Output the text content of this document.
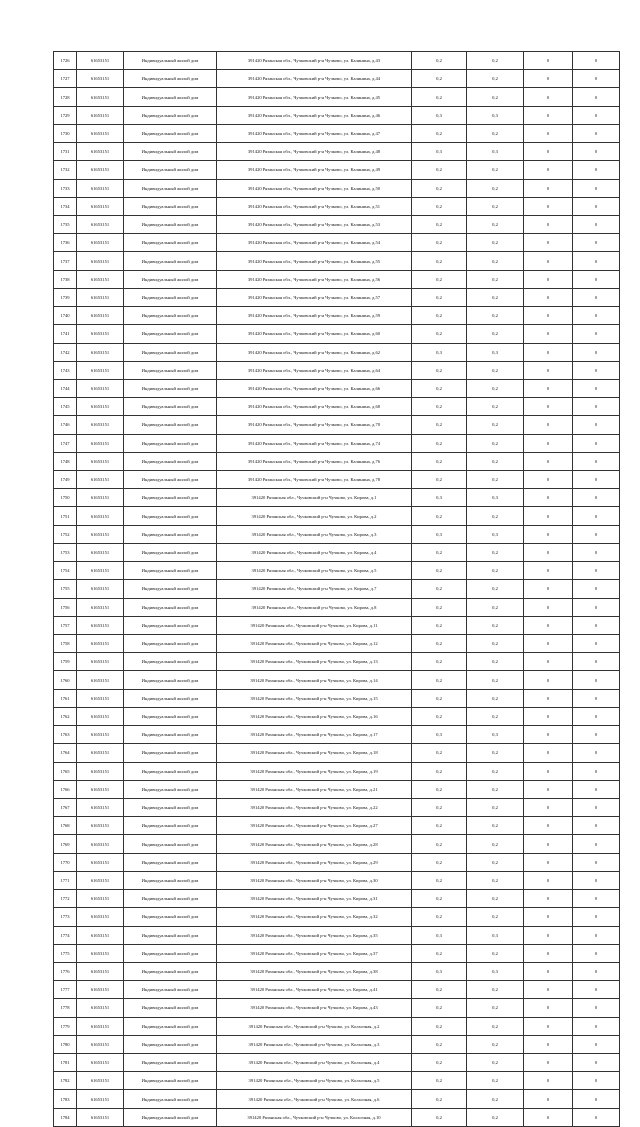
1726	61653151	Индивидуальный жилой дом	391420 Рязанская обл., Чучковский р-н Чучково, ул. Калинина, д.43	0,2	0,2	0	0
1727	61653151	Индивидуальный жилой дом	391420 Рязанская обл., Чучковский р-н Чучково, ул. Калинина, д.44	0,2	0,2	0	0
1728	61653151	Индивидуальный жилой дом	391420 Рязанская обл., Чучковский р-н Чучково, ул. Калинина, д.45	0,2	0,2	0	0
1729	61653151	Индивидуальный жилой дом	391420 Рязанская обл., Чучковский р-н Чучково, ул. Калинина, д.46	0,3	0,3	0	0
1730	61653151	Индивидуальный жилой дом	391420 Рязанская обл., Чучковский р-н Чучково, ул. Калинина, д.47	0,2	0,2	0	0
1731	61653151	Индивидуальный жилой дом	391420 Рязанская обл., Чучковский р-н Чучково, ул. Калинина, д.48	0,3	0,3	0	0
1732	61653151	Индивидуальный жилой дом	391420 Рязанская обл., Чучковский р-н Чучково, ул. Калинина, д.49	0,2	0,2	0	0
1733	61653151	Индивидуальный жилой дом	391420 Рязанская обл., Чучковский р-н Чучково, ул. Калинина, д.50	0,2	0,2	0	0
1734	61653151	Индивидуальный жилой дом	391420 Рязанская обл., Чучковский р-н Чучково, ул. Калинина, д.51	0,2	0,2	0	0
1735	61653151	Индивидуальный жилой дом	391420 Рязанская обл., Чучковский р-н Чучково, ул. Калинина, д.53	0,2	0,2	0	0
1736	61653151	Индивидуальный жилой дом	391420 Рязанская обл., Чучковский р-н Чучково, ул. Калинина, д.54	0,2	0,2	0	0
1737	61653151	Индивидуальный жилой дом	391420 Рязанская обл., Чучковский р-н Чучково, ул. Калинина, д.55	0,2	0,2	0	0
1738	61653151	Индивидуальный жилой дом	391420 Рязанская обл., Чучковский р-н Чучково, ул. Калинина, д.56	0,2	0,2	0	0
1739	61653151	Индивидуальный жилой дом	391420 Рязанская обл., Чучковский р-н Чучково, ул. Калинина, д.57	0,2	0,2	0	0
1740	61653151	Индивидуальный жилой дом	391420 Рязанская обл., Чучковский р-н Чучково, ул. Калинина, д.59	0,2	0,2	0	0
1741	61653151	Индивидуальный жилой дом	391420 Рязанская обл., Чучковский р-н Чучково, ул. Калинина, д.60	0,2	0,2	0	0
1742	61653151	Индивидуальный жилой дом	391420 Рязанская обл., Чучковский р-н Чучково, ул. Калинина, д.62	0,3	0,3	0	0
1743	61653151	Индивидуальный жилой дом	391420 Рязанская обл., Чучковский р-н Чучково, ул. Калинина, д.64	0,2	0,2	0	0
1744	61653151	Индивидуальный жилой дом	391420 Рязанская обл., Чучковский р-н Чучково, ул. Калинина, д.66	0,2	0,2	0	0
1745	61653151	Индивидуальный жилой дом	391420 Рязанская обл., Чучковский р-н Чучково, ул. Калинина, д.68	0,2	0,2	0	0
1746	61653151	Индивидуальный жилой дом	391420 Рязанская обл., Чучковский р-н Чучково, ул. Калинина, д.70	0,2	0,2	0	0
1747	61653151	Индивидуальный жилой дом	391420 Рязанская обл., Чучковский р-н Чучково, ул. Калинина, д.74	0,2	0,2	0	0
1748	61653151	Индивидуальный жилой дом	391420 Рязанская обл., Чучковский р-н Чучково, ул. Калинина, д.76	0,2	0,2	0	0
1749	61653151	Индивидуальный жилой дом	391420 Рязанская обл., Чучковский р-н Чучково, ул. Калинина, д.78	0,2	0,2	0	0
1750	61653151	Индивидуальный жилой дом	391420 Рязанская обл., Чучковский р-н Чучково, ул. Кирова, д.1	0,3	0,3	0	0
1751	61653151	Индивидуальный жилой дом	391420 Рязанская обл., Чучковский р-н Чучково, ул. Кирова, д.2	0,2	0,2	0	0
1752	61653151	Индивидуальный жилой дом	391420 Рязанская обл., Чучковский р-н Чучково, ул. Кирова, д.3	0,3	0,3	0	0
1753	61653151	Индивидуальный жилой дом	391420 Рязанская обл., Чучковский р-н Чучково, ул. Кирова, д.4	0,2	0,2	0	0
1754	61653151	Индивидуальный жилой дом	391420 Рязанская обл., Чучковский р-н Чучково, ул. Кирова, д.5	0,2	0,2	0	0
1755	61653151	Индивидуальный жилой дом	391420 Рязанская обл., Чучковский р-н Чучково, ул. Кирова, д.7	0,2	0,2	0	0
1756	61653151	Индивидуальный жилой дом	391420 Рязанская обл., Чучковский р-н Чучково, ул. Кирова, д.8	0,2	0,2	0	0
1757	61653151	Индивидуальный жилой дом	391420 Рязанская обл., Чучковский р-н Чучково, ул. Кирова, д.11	0,2	0,2	0	0
1758	61653151	Индивидуальный жилой дом	391420 Рязанская обл., Чучковский р-н Чучково, ул. Кирова, д.12	0,2	0,2	0	0
1759	61653151	Индивидуальный жилой дом	391420 Рязанская обл., Чучковский р-н Чучково, ул. Кирова, д.13	0,2	0,2	0	0
1760	61653151	Индивидуальный жилой дом	391420 Рязанская обл., Чучковский р-н Чучково, ул. Кирова, д.14	0,2	0,2	0	0
1761	61653151	Индивидуальный жилой дом	391420 Рязанская обл., Чучковский р-н Чучково, ул. Кирова, д.15	0,2	0,2	0	0
1762	61653151	Индивидуальный жилой дом	391420 Рязанская обл., Чучковский р-н Чучково, ул. Кирова, д.16	0,2	0,2	0	0
1763	61653151	Индивидуальный жилой дом	391420 Рязанская обл., Чучковский р-н Чучково, ул. Кирова, д.17	0,3	0,3	0	0
1764	61653151	Индивидуальный жилой дом	391420 Рязанская обл., Чучковский р-н Чучково, ул. Кирова, д.18	0,2	0,2	0	0
1765	61653151	Индивидуальный жилой дом	391420 Рязанская обл., Чучковский р-н Чучково, ул. Кирова, д.19	0,2	0,2	0	0
1766	61653151	Индивидуальный жилой дом	391420 Рязанская обл., Чучковский р-н Чучково, ул. Кирова, д.21	0,2	0,2	0	0
1767	61653151	Индивидуальный жилой дом	391420 Рязанская обл., Чучковский р-н Чучково, ул. Кирова, д.22	0,2	0,2	0	0
1768	61653151	Индивидуальный жилой дом	391420 Рязанская обл., Чучковский р-н Чучково, ул. Кирова, д.27	0,2	0,2	0	0
1769	61653151	Индивидуальный жилой дом	391420 Рязанская обл., Чучковский р-н Чучково, ул. Кирова, д.28	0,2	0,2	0	0
1770	61653151	Индивидуальный жилой дом	391420 Рязанская обл., Чучковский р-н Чучково, ул. Кирова, д.29	0,2	0,2	0	0
1771	61653151	Индивидуальный жилой дом	391420 Рязанская обл., Чучковский р-н Чучково, ул. Кирова, д.30	0,2	0,2	0	0
1772	61653151	Индивидуальный жилой дом	391420 Рязанская обл., Чучковский р-н Чучково, ул. Кирова, д.31	0,2	0,2	0	0
1773	61653151	Индивидуальный жилой дом	391420 Рязанская обл., Чучковский р-н Чучково, ул. Кирова, д.32	0,2	0,2	0	0
1774	61653151	Индивидуальный жилой дом	391420 Рязанская обл., Чучковский р-н Чучково, ул. Кирова, д.35	0,3	0,3	0	0
1775	61653151	Индивидуальный жилой дом	391420 Рязанская обл., Чучковский р-н Чучково, ул. Кирова, д.37	0,2	0,2	0	0
1776	61653151	Индивидуальный жилой дом	391420 Рязанская обл., Чучковский р-н Чучково, ул. Кирова, д.38	0,3	0,3	0	0
1777	61653151	Индивидуальный жилой дом	391420 Рязанская обл., Чучковский р-н Чучково, ул. Кирова, д.41	0,2	0,2	0	0
1778	61653151	Индивидуальный жилой дом	391420 Рязанская обл., Чучковский р-н Чучково, ул. Кирова, д.43	0,2	0,2	0	0
1779	61653151	Индивидуальный жилой дом	391420 Рязанская обл., Чучковский р-н Чучково, ул. Колхозная, д.2	0,2	0,2	0	0
1780	61653151	Индивидуальный жилой дом	391420 Рязанская обл., Чучковский р-н Чучково, ул. Колхозная, д.3	0,2	0,2	0	0
1781	61653151	Индивидуальный жилой дом	391420 Рязанская обл., Чучковский р-н Чучково, ул. Колхозная, д.4	0,2	0,2	0	0
1782	61653151	Индивидуальный жилой дом	391420 Рязанская обл., Чучковский р-н Чучково, ул. Колхозная, д.5	0,2	0,2	0	0
1783	61653151	Индивидуальный жилой дом	391420 Рязанская обл., Чучковский р-н Чучково, ул. Колхозная, д.6	0,2	0,2	0	0
1784	61653151	Индивидуальный жилой дом	391420 Рязанская обл., Чучковский р-н Чучково, ул. Колхозная, д.10	0,2	0,2	0	0
